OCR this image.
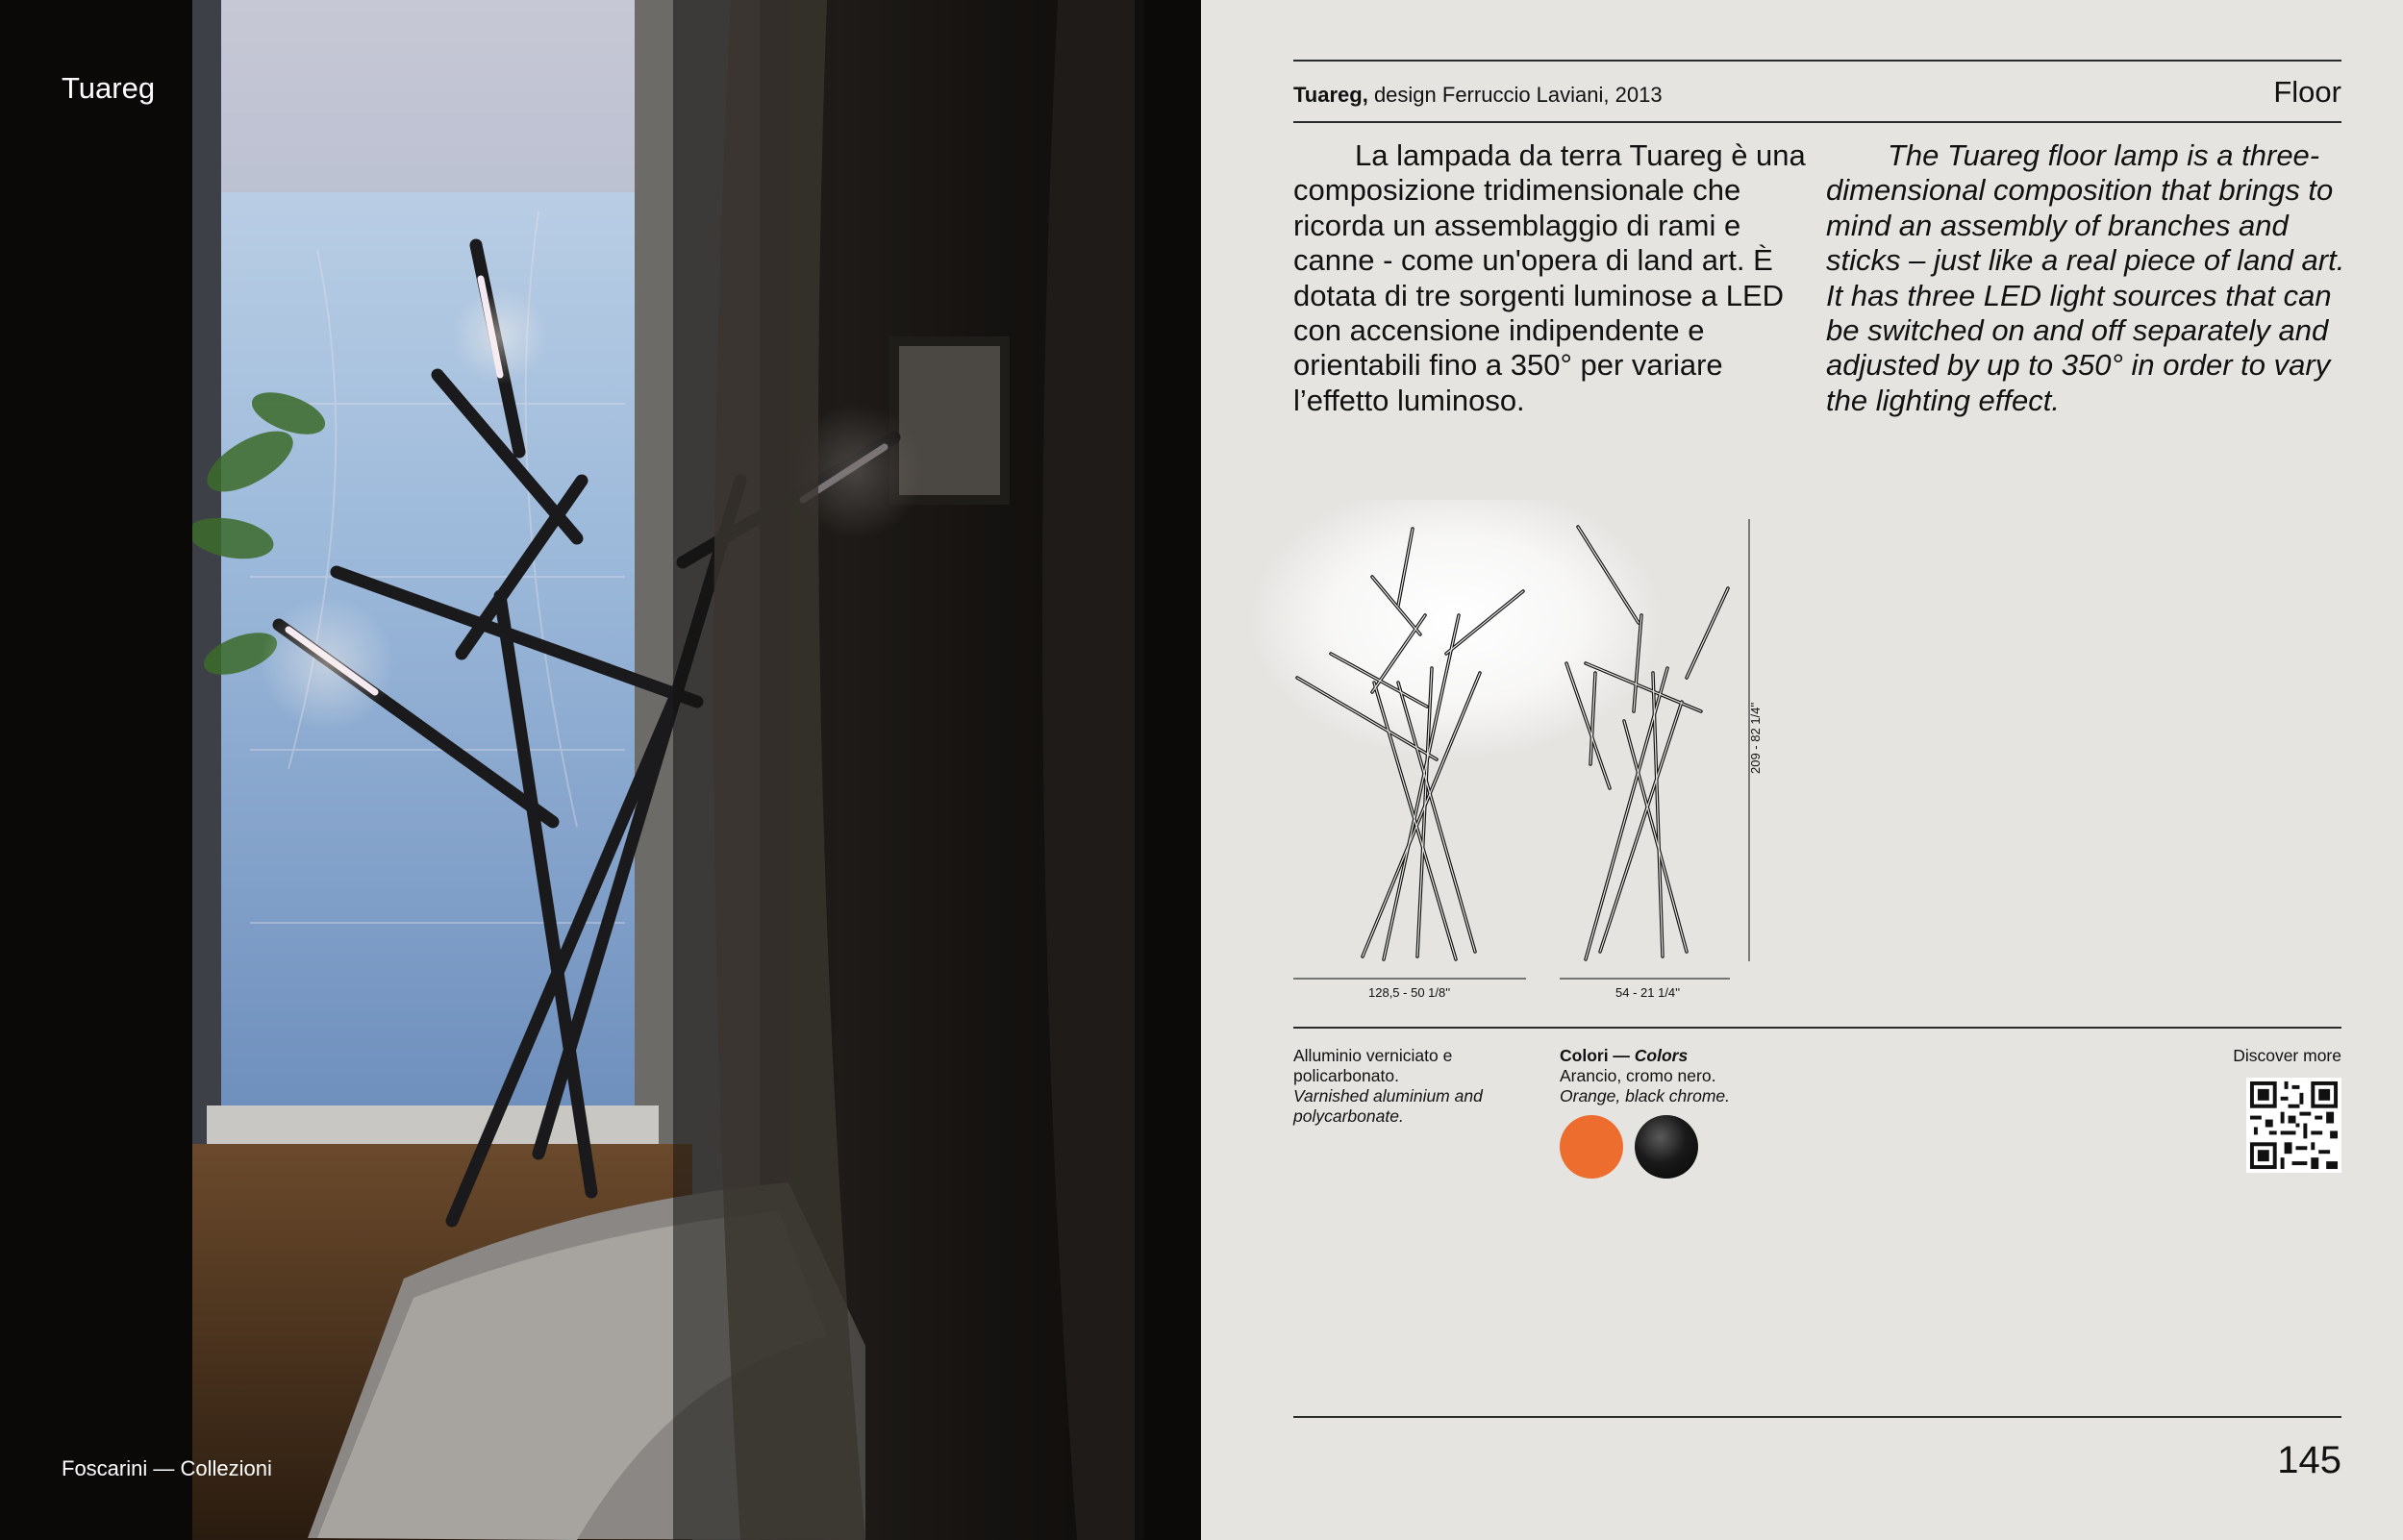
Tuareg
Foscarini — Collezioni
Tuareg, design Ferruccio Laviani, 2013	Floor
La lampada da terra Tuareg è una composizione tridimensionale che ricorda un assemblaggio di rami e canne - come un'opera di land art. È dotata di tre sorgenti luminose a LED con accensione indipendente e orientabili fino a 350° per variare l’effetto luminoso.
The Tuareg floor lamp is a three-dimensional composition that brings to mind an assembly of branches and sticks – just like a real piece of land art. It has three LED light sources that can be switched on and off separately and adjusted by up to 350° in order to vary the lighting effect.
Alluminio verniciato e policarbonato.
Varnished aluminium and polycarbonate.
Colori — Colors
Arancio, cromo nero.
Orange, black chrome.
Discover more
145
128,5 - 50 1/8''	54 - 21 1/4''
209 - 82 1/4''
